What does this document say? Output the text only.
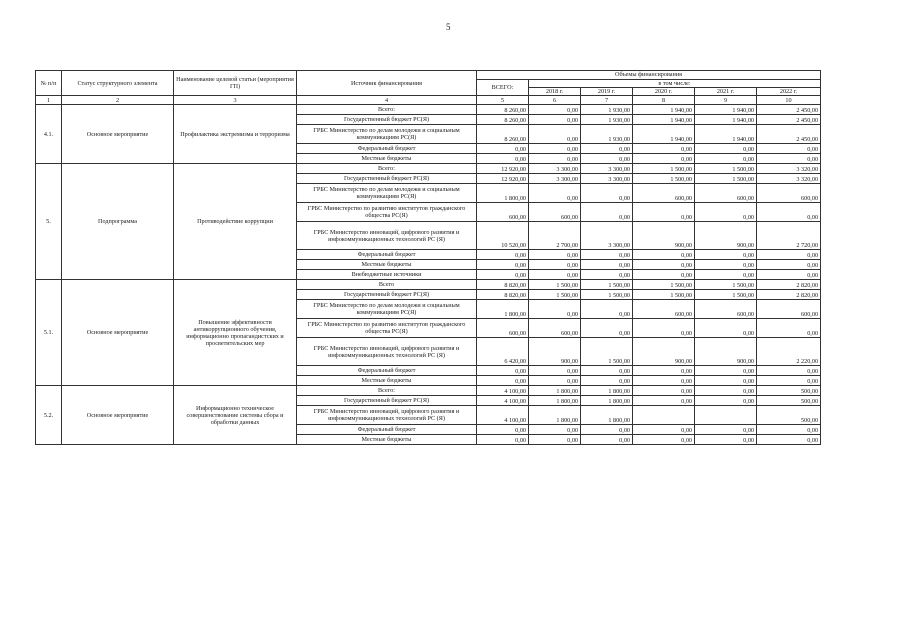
5
№ п/п	Статус структурного элемента	Наименование целевой статьи (мероприятия ГП)	Источник финансирования	Объемы финансирования					
				ВСЕГО:	в том числе:				
					2018 г.	2019 г.	2020 г.	2021 г.	2022 г.
1	2	3	4	5	6	7	8	9	10
4.1.	Основное мероприятие	Профилактика экстремизма и терроризма	Всего:	8 260,00	0,00	1 930,00	1 940,00	1 940,00	2 450,00
			Государственный бюджет РС(Я)	8 260,00	0,00	1 930,00	1 940,00	1 940,00	2 450,00
			ГРБС Министерство по делам молодежи и социальным коммуникациям РС(Я)	8 260,00	0,00	1 930,00	1 940,00	1 940,00	2 450,00
			Федеральный бюджет	0,00	0,00	0,00	0,00	0,00	0,00
			Местные бюджеты	0,00	0,00	0,00	0,00	0,00	0,00
5.	Подпрограмма	Противодействие коррупции	Всего:	12 920,00	3 300,00	3 300,00	1 500,00	1 500,00	3 320,00
			Государственный бюджет РС(Я)	12 920,00	3 300,00	3 300,00	1 500,00	1 500,00	3 320,00
			ГРБС Министерство по делам молодежи и социальным коммуникациям РС(Я)	1 800,00	0,00	0,00	600,00	600,00	600,00
			ГРБС Министерство по развитию институтов гражданского общества РС(Я)	600,00	600,00	0,00	0,00	0,00	0,00
			ГРБС Министерство инноваций, цифрового развития и инфокоммуникационных технологий РС (Я)	10 520,00	2 700,00	3 300,00	900,00	900,00	2 720,00
			Федеральный бюджет	0,00	0,00	0,00	0,00	0,00	0,00
			Местные бюджеты	0,00	0,00	0,00	0,00	0,00	0,00
			Внебюджетные источники	0,00	0,00	0,00	0,00	0,00	0,00
5.1.	Основное мероприятие	Повышение эффективности антикоррупционного обучения, информационно пропагандистских и просветительских мер	Всего	8 820,00	1 500,00	1 500,00	1 500,00	1 500,00	2 820,00
			Государственный бюджет РС(Я)	8 820,00	1 500,00	1 500,00	1 500,00	1 500,00	2 820,00
			ГРБС Министерство по делам молодежи и социальным коммуникациям РС(Я)	1 800,00	0,00	0,00	600,00	600,00	600,00
			ГРБС Министерство по развитию институтов гражданского общества РС(Я)	600,00	600,00	0,00	0,00	0,00	0,00
			ГРБС Министерство инноваций, цифрового развития и инфокоммуникационных технологий РС (Я)	6 420,00	900,00	1 500,00	900,00	900,00	2 220,00
			Федеральный бюджет	0,00	0,00	0,00	0,00	0,00	0,00
			Местные бюджеты	0,00	0,00	0,00	0,00	0,00	0,00
5.2.	Основное мероприятие	Информационно техническое совершенствование системы сбора и обработки данных	Всего:	4 100,00	1 800,00	1 800,00	0,00	0,00	500,00
			Государственный бюджет РС(Я)	4 100,00	1 800,00	1 800,00	0,00	0,00	500,00
			ГРБС Министерство инноваций, цифрового развития и инфокоммуникационных технологий РС (Я)	4 100,00	1 800,00	1 800,00			500,00
			Федеральный бюджет	0,00	0,00	0,00	0,00	0,00	0,00
			Местные бюджеты	0,00	0,00	0,00	0,00	0,00	0,00
